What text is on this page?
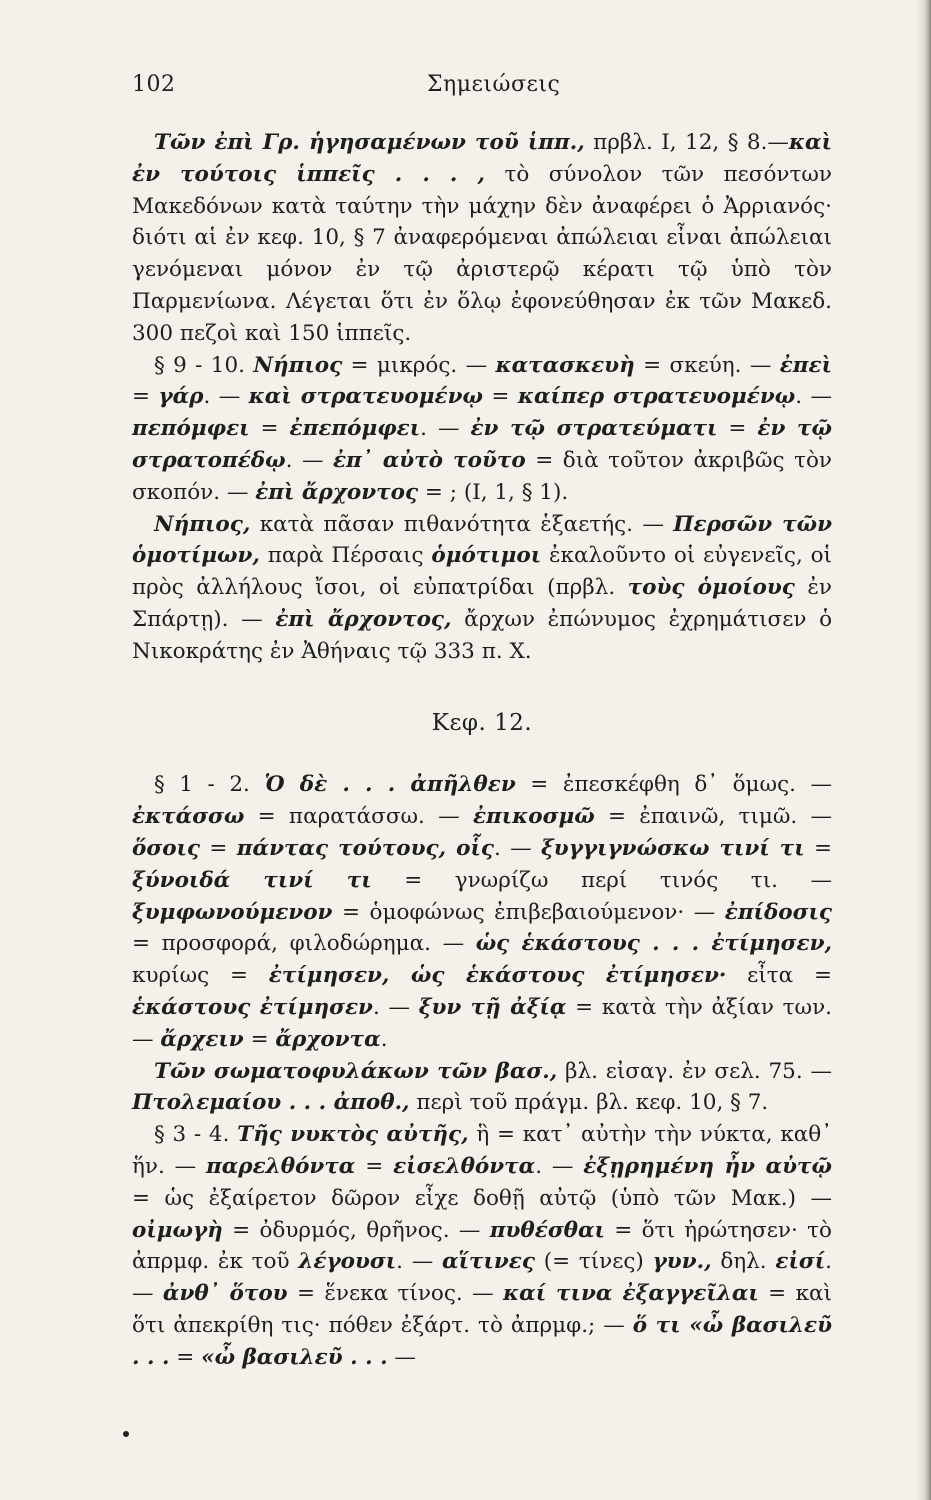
102	Σημειώσεις

Τῶν ἐπὶ Γρ. ἡγησαμένων τοῦ ἱππ., πρβλ. I, 12, § 8.—καὶ ἐν τούτοις ἱππεῖς . . . , τὸ σύνολον τῶν πεσόντων Μακεδόνων κατὰ ταύτην τὴν μάχην δὲν ἀναφέρει ὁ Ἀρριανός· διότι αἱ ἐν κεφ. 10, § 7 ἀναφερόμεναι ἀπώλειαι εἶναι ἀπώλειαι γενόμεναι μόνον ἐν τῷ ἀριστερῷ κέρατι τῷ ὑπὸ τὸν Παρμενίωνα. Λέγεται ὅτι ἐν ὅλῳ ἐφονεύθησαν ἐκ τῶν Μακεδ. 300 πεζοὶ καὶ 150 ἱππεῖς.

§ 9 - 10. Νήπιος = μικρός. — κατασκευὴ = σκεύη. — ἐπεὶ = γάρ. — καὶ στρατευομένῳ = καίπερ στρατευομένῳ. — πεπόμφει = ἐπεπόμφει. — ἐν τῷ στρατεύματι = ἐν τῷ στρατοπέδῳ. — ἐπ᾿ αὐτὸ τοῦτο = διὰ τοῦτον ἀκριβῶς τὸν σκοπόν. — ἐπὶ ἄρχοντος = ; (I, 1, § 1).

Νήπιος, κατὰ πᾶσαν πιθανότητα ἑξαετής. — Περσῶν τῶν ὁμοτίμων, παρὰ Πέρσαις ὁμότιμοι ἐκαλοῦντο οἱ εὐγενεῖς, οἱ πρὸς ἀλλήλους ἴσοι, οἱ εὐπατρίδαι (πρβλ. τοὺς ὁμοίους ἐν Σπάρτῃ). — ἐπὶ ἄρχοντος, ἄρχων ἐπώνυμος ἐχρημάτισεν ὁ Νικοκράτης ἐν Ἀθήναις τῷ 333 π. Χ.

Κεφ. 12.

§ 1 - 2. Ὁ δὲ . . . ἀπῆλθεν = ἐπεσκέφθη δ᾿ ὅμως. — ἐκτάσσω = παρατάσσω. — ἐπικοσμῶ = ἐπαινῶ, τιμῶ. — ὅσοις = πάντας τούτους, οἷς. — ξυγγιγνώσκω τινί τι = ξύνοιδά τινί τι = γνωρίζω περί τινός τι. — ξυμφωνούμενον = ὁμοφώνως ἐπιβεβαιούμενον· — ἐπίδοσις = προσφορά, φιλοδώρημα. — ὡς ἑκάστους . . . ἐτίμησεν, κυρίως = ἐτίμησεν, ὡς ἑκάστους ἐτίμησεν· εἶτα = ἑκάστους ἐτίμησεν. — ξυν τῇ ἀξίᾳ = κατὰ τὴν ἀξίαν των. — ἄρχειν = ἄρχοντα.

Τῶν σωματοφυλάκων τῶν βασ., βλ. εἰσαγ. ἐν σελ. 75. — Πτολεμαίου . . . ἀποθ., περὶ τοῦ πράγμ. βλ. κεφ. 10, § 7.

§ 3 - 4. Τῆς νυκτὸς αὐτῆς, ἣ = κατ᾿ αὐτὴν τὴν νύκτα, καθ᾿ ἥν. — παρελθόντα = εἰσελθόντα. — ἐξῃρημένη ἦν αὐτῷ = ὡς ἐξαίρετον δῶρον εἶχε δοθῇ αὐτῷ (ὑπὸ τῶν Μακ.) — οἰμωγὴ = ὀδυρμός, θρῆνος. — πυθέσθαι = ὅτι ἠρώτησεν· τὸ ἀπρμφ. ἐκ τοῦ λέγουσι. — αἵτινες (= τίνες) γυν., δηλ. εἰσί. — ἀνθ᾿ ὅτου = ἕνεκα τίνος. — καί τινα ἐξαγγεῖλαι = καὶ ὅτι ἀπεκρίθη τις· πόθεν ἐξάρτ. τὸ ἀπρμφ.; — ὅ τι «ὦ βασιλεῦ . . . = «ὦ βασιλεῦ . . . —
